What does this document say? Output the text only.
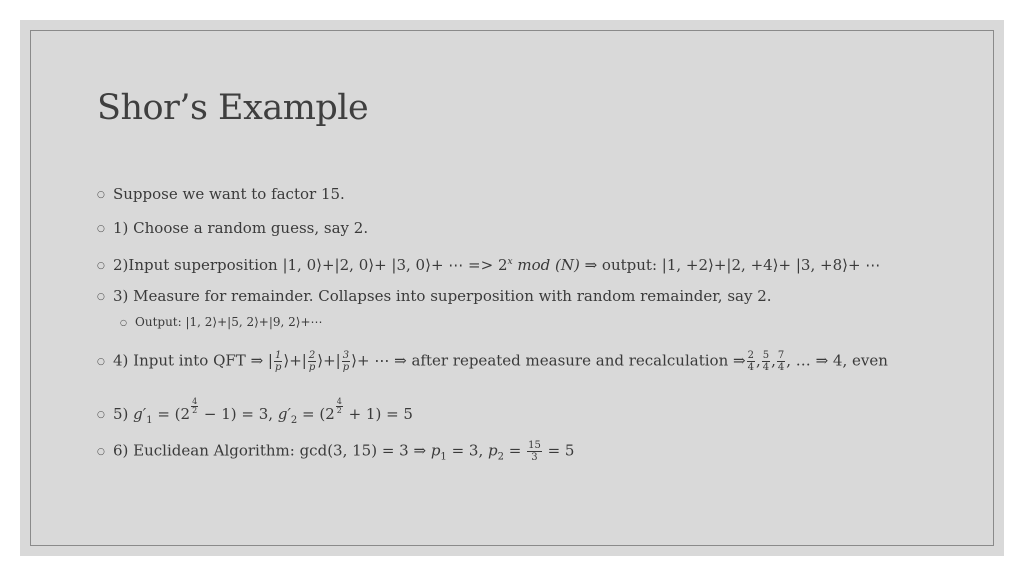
Shor’s Example
○ Suppose we want to factor 15.
○ 1) Choose a random guess, say 2.
○ 2)Input superposition |1, 0⟩+|2, 0⟩+ |3, 0⟩+ ⋯ => $2^x$ mod (N) ⇒ output: |1, +2⟩+|2, +4⟩+ |3, +8⟩+ ⋯
○ 3) Measure for remainder. Collapses into superposition with random remainder, say 2.
○ Output: |1, 2⟩+|5, 2⟩+|9, 2⟩+⋯
○ 4) Input into QFT ⇒ | $\frac{1}{p}$ ⟩+| $\frac{2}{p}$ ⟩+| $\frac{3}{p}$ ⟩+ ⋯ ⇒ after repeated measure and recalculation ⇒ $\frac{2}{4}$ , $\frac{5}{4}$ , $\frac{7}{4}$ , … ⇒ 4, even
○ 5) $g'_1 = (2$ $^{\frac{4}{2}}$ − 1) = 3, $g'_2 = (2$ $^{\frac{4}{2}}$ + 1) = 5
○ 6) Euclidean Algorithm: gcd(3, 15) = 3 ⇒ $p_1 = 3$, $p_2 = \frac{15}{3} = 5$
